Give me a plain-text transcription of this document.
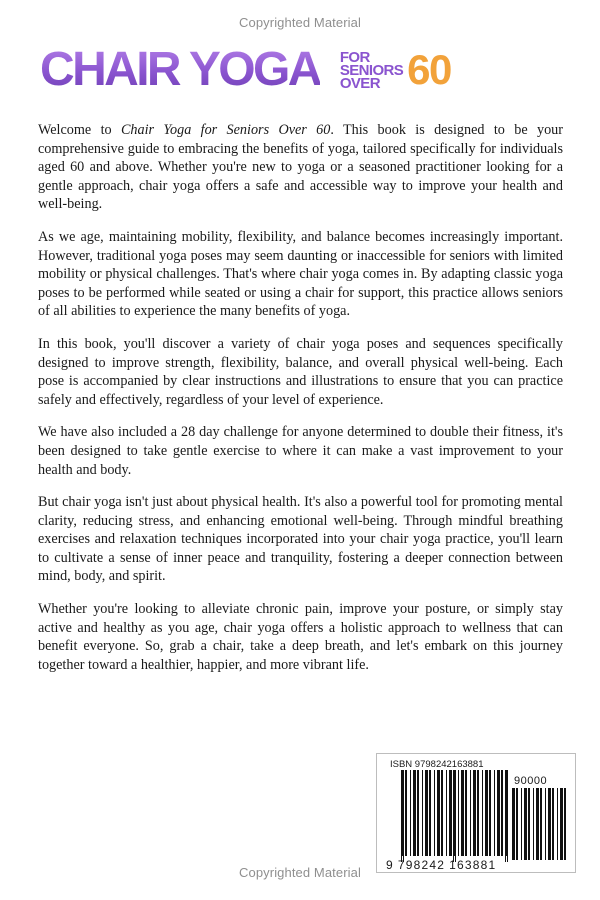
Copyrighted Material
CHAIR YOGA FOR
SENIORS
OVER 60

Welcome to Chair Yoga for Seniors Over 60. This book is designed to be your comprehensive guide to embracing the benefits of yoga, tailored specifically for individuals aged 60 and above. Whether you're new to yoga or a seasoned practitioner looking for a gentle approach, chair yoga offers a safe and accessible way to improve your health and well-being.

As we age, maintaining mobility, flexibility, and balance becomes increasingly important. However, traditional yoga poses may seem daunting or inaccessible for seniors with limited mobility or physical challenges. That's where chair yoga comes in. By adapting classic yoga poses to be performed while seated or using a chair for support, this practice allows seniors of all abilities to experience the many benefits of yoga.

In this book, you'll discover a variety of chair yoga poses and sequences specifically designed to improve strength, flexibility, balance, and overall physical well-being. Each pose is accompanied by clear instructions and illustrations to ensure that you can practice safely and effectively, regardless of your level of experience.

We have also included a 28 day challenge for anyone determined to double their fitness, it's been designed to take gentle exercise to where it can make a vast improvement to your health and body.

But chair yoga isn't just about physical health. It's also a powerful tool for promoting mental clarity, reducing stress, and enhancing emotional well-being. Through mindful breathing exercises and relaxation techniques incorporated into your chair yoga practice, you'll learn to cultivate a sense of inner peace and tranquility, fostering a deeper connection between mind, body, and spirit.

Whether you're looking to alleviate chronic pain, improve your posture, or simply stay active and healthy as you age, chair yoga offers a holistic approach to wellness that can benefit everyone. So, grab a chair, take a deep breath, and let's embark on this journey together toward a healthier, happier, and more vibrant life.

ISBN 9798242163881
90000
9 798242 163881
Copyrighted Material
